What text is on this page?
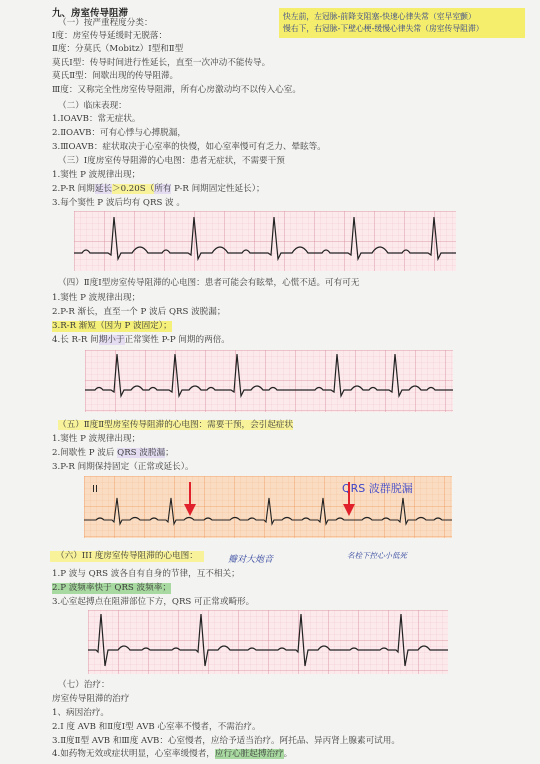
九、房室传导阻滞	快左前，左冠脉-前降支阻塞-快速心律失常（室早室颤）
慢右下，右冠脉-下壁心梗-缓慢心律失常（房室传导阻滞）
（一）按严重程度分类：
Ⅰ度：房室传导延缓时无脱落：
Ⅱ度：分莫氏（Mobitz）Ⅰ型和Ⅱ型
莫氏Ⅰ型：传导时间进行性延长，直至一次冲动不能传导。
莫氏Ⅱ型：间歇出现的传导阻滞。
Ⅲ度：又称完全性房室传导阻滞，所有心房激动均不以传入心室。
（二）临床表现：
1.ⅠOAVB：常无症状。
2.ⅡOAVB：可有心悸与心搏脱漏，
3.ⅢOAVB：症状取决于心室率的快慢，如心室率慢可有乏力、晕眩等。
（三）Ⅰ度房室传导阻滞的心电图：患者无症状，不需要干预
1.窦性 P 波规律出现；
2.P-R 间期延长＞0.20S（所有 P-R 间期固定性延长）；
3.每个窦性 P 波后均有 QRS 波 。
（四）Ⅱ度Ⅰ型房室传导阻滞的心电图：患者可能会有眩晕，心慌不适。可有可无
1.窦性 P 波规律出现；
2.P-R 渐长，直至一个 P 波后 QRS 波脱漏；
3.R-R 渐短（因为 P 波固定）；
4.长 R-R 间期小于正常窦性 P-P 间期的两倍。
（五）Ⅱ度Ⅱ型房室传导阻滞的心电图：需要干预，会引起症状
1.窦性 P 波规律出现；
2.间歇性 P 波后 QRS 波脱漏；
3.P-R 间期保持固定（正常或延长）。
II	QRS 波群脱漏
（六）III 度房室传导阻滞的心电图：	瓣对大炮音	名栓下控心小低死
1.P 波与 QRS 波各自有自身的节律，互不相关；
2.P 波频率快于 QRS 波频率；
3.心室起搏点在阻滞部位下方，QRS 可正常或畸形。
（七）治疗：
房室传导阻滞的治疗
1、病因治疗。
2.Ⅰ 度 AVB 和Ⅱ度Ⅰ型 AVB 心室率不慢者，不需治疗。
3.Ⅱ度Ⅱ型 AVB 和Ⅲ度 AVB：心室慢者，应给予适当治疗。阿托品、异丙肾上腺素可试用。
4.如药物无效或症状明显，心室率缓慢者，应行心脏起搏治疗。
